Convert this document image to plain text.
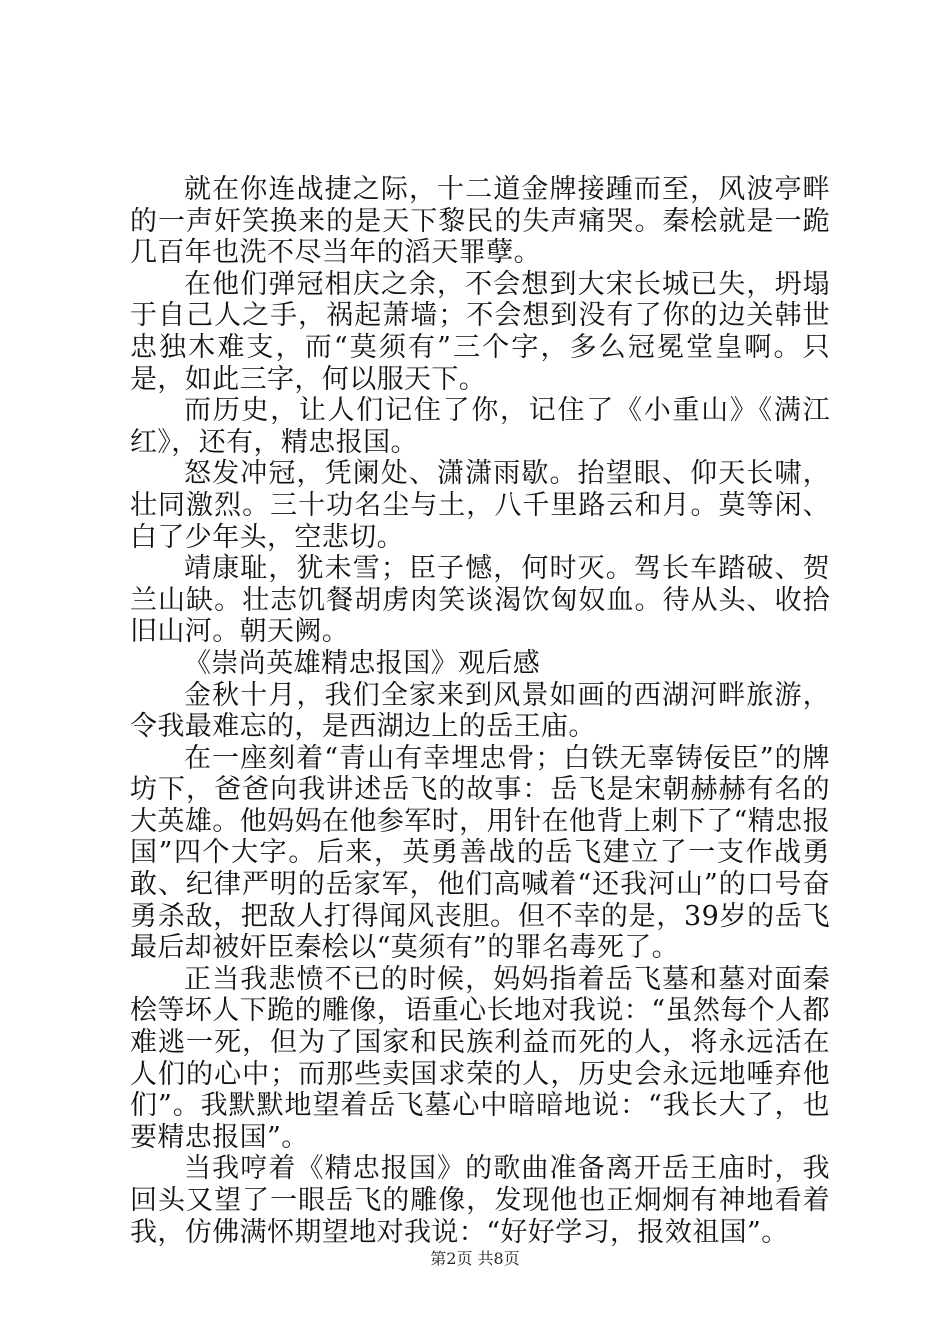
就在你连战捷之际，十二道金牌接踵而至，风波亭畔的一声奸笑换来的是天下黎民的失声痛哭。秦桧就是一跪几百年也洗不尽当年的滔天罪孽。

在他们弹冠相庆之余，不会想到大宋长城已失，坍塌于自己人之手，祸起萧墙；不会想到没有了你的边关韩世忠独木难支，而“莫须有”三个字，多么冠冕堂皇啊。只是，如此三字，何以服天下。

而历史，让人们记住了你，记住了《小重山》《满江红》，还有，精忠报国。

怒发冲冠，凭阑处、潇潇雨歇。抬望眼、仰天长啸，壮同激烈。三十功名尘与土，八千里路云和月。莫等闲、白了少年头，空悲切。

靖康耻，犹未雪；臣子憾，何时灭。驾长车踏破、贺兰山缺。壮志饥餐胡虏肉笑谈渴饮匈奴血。待从头、收拾旧山河。朝天阙。

《崇尚英雄精忠报国》观后感

金秋十月，我们全家来到风景如画的西湖河畔旅游，令我最难忘的，是西湖边上的岳王庙。

在一座刻着“青山有幸埋忠骨；白铁无辜铸佞臣”的牌坊下，爸爸向我讲述岳飞的故事：岳飞是宋朝赫赫有名的大英雄。他妈妈在他参军时，用针在他背上刺下了“精忠报国”四个大字。后来，英勇善战的岳飞建立了一支作战勇敢、纪律严明的岳家军，他们高喊着“还我河山”的口号奋勇杀敌，把敌人打得闻风丧胆。但不幸的是，39岁的岳飞最后却被奸臣秦桧以“莫须有”的罪名毒死了。

正当我悲愤不已的时候，妈妈指着岳飞墓和墓对面秦桧等坏人下跪的雕像，语重心长地对我说：“虽然每个人都难逃一死，但为了国家和民族利益而死的人，将永远活在人们的心中；而那些卖国求荣的人，历史会永远地唾弃他们”。我默默地望着岳飞墓心中暗暗地说：“我长大了，也要精忠报国”。

当我哼着《精忠报国》的歌曲准备离开岳王庙时，我回头又望了一眼岳飞的雕像，发现他也正炯炯有神地看着我，仿佛满怀期望地对我说：“好好学习，报效祖国”。

第2页 共8页
